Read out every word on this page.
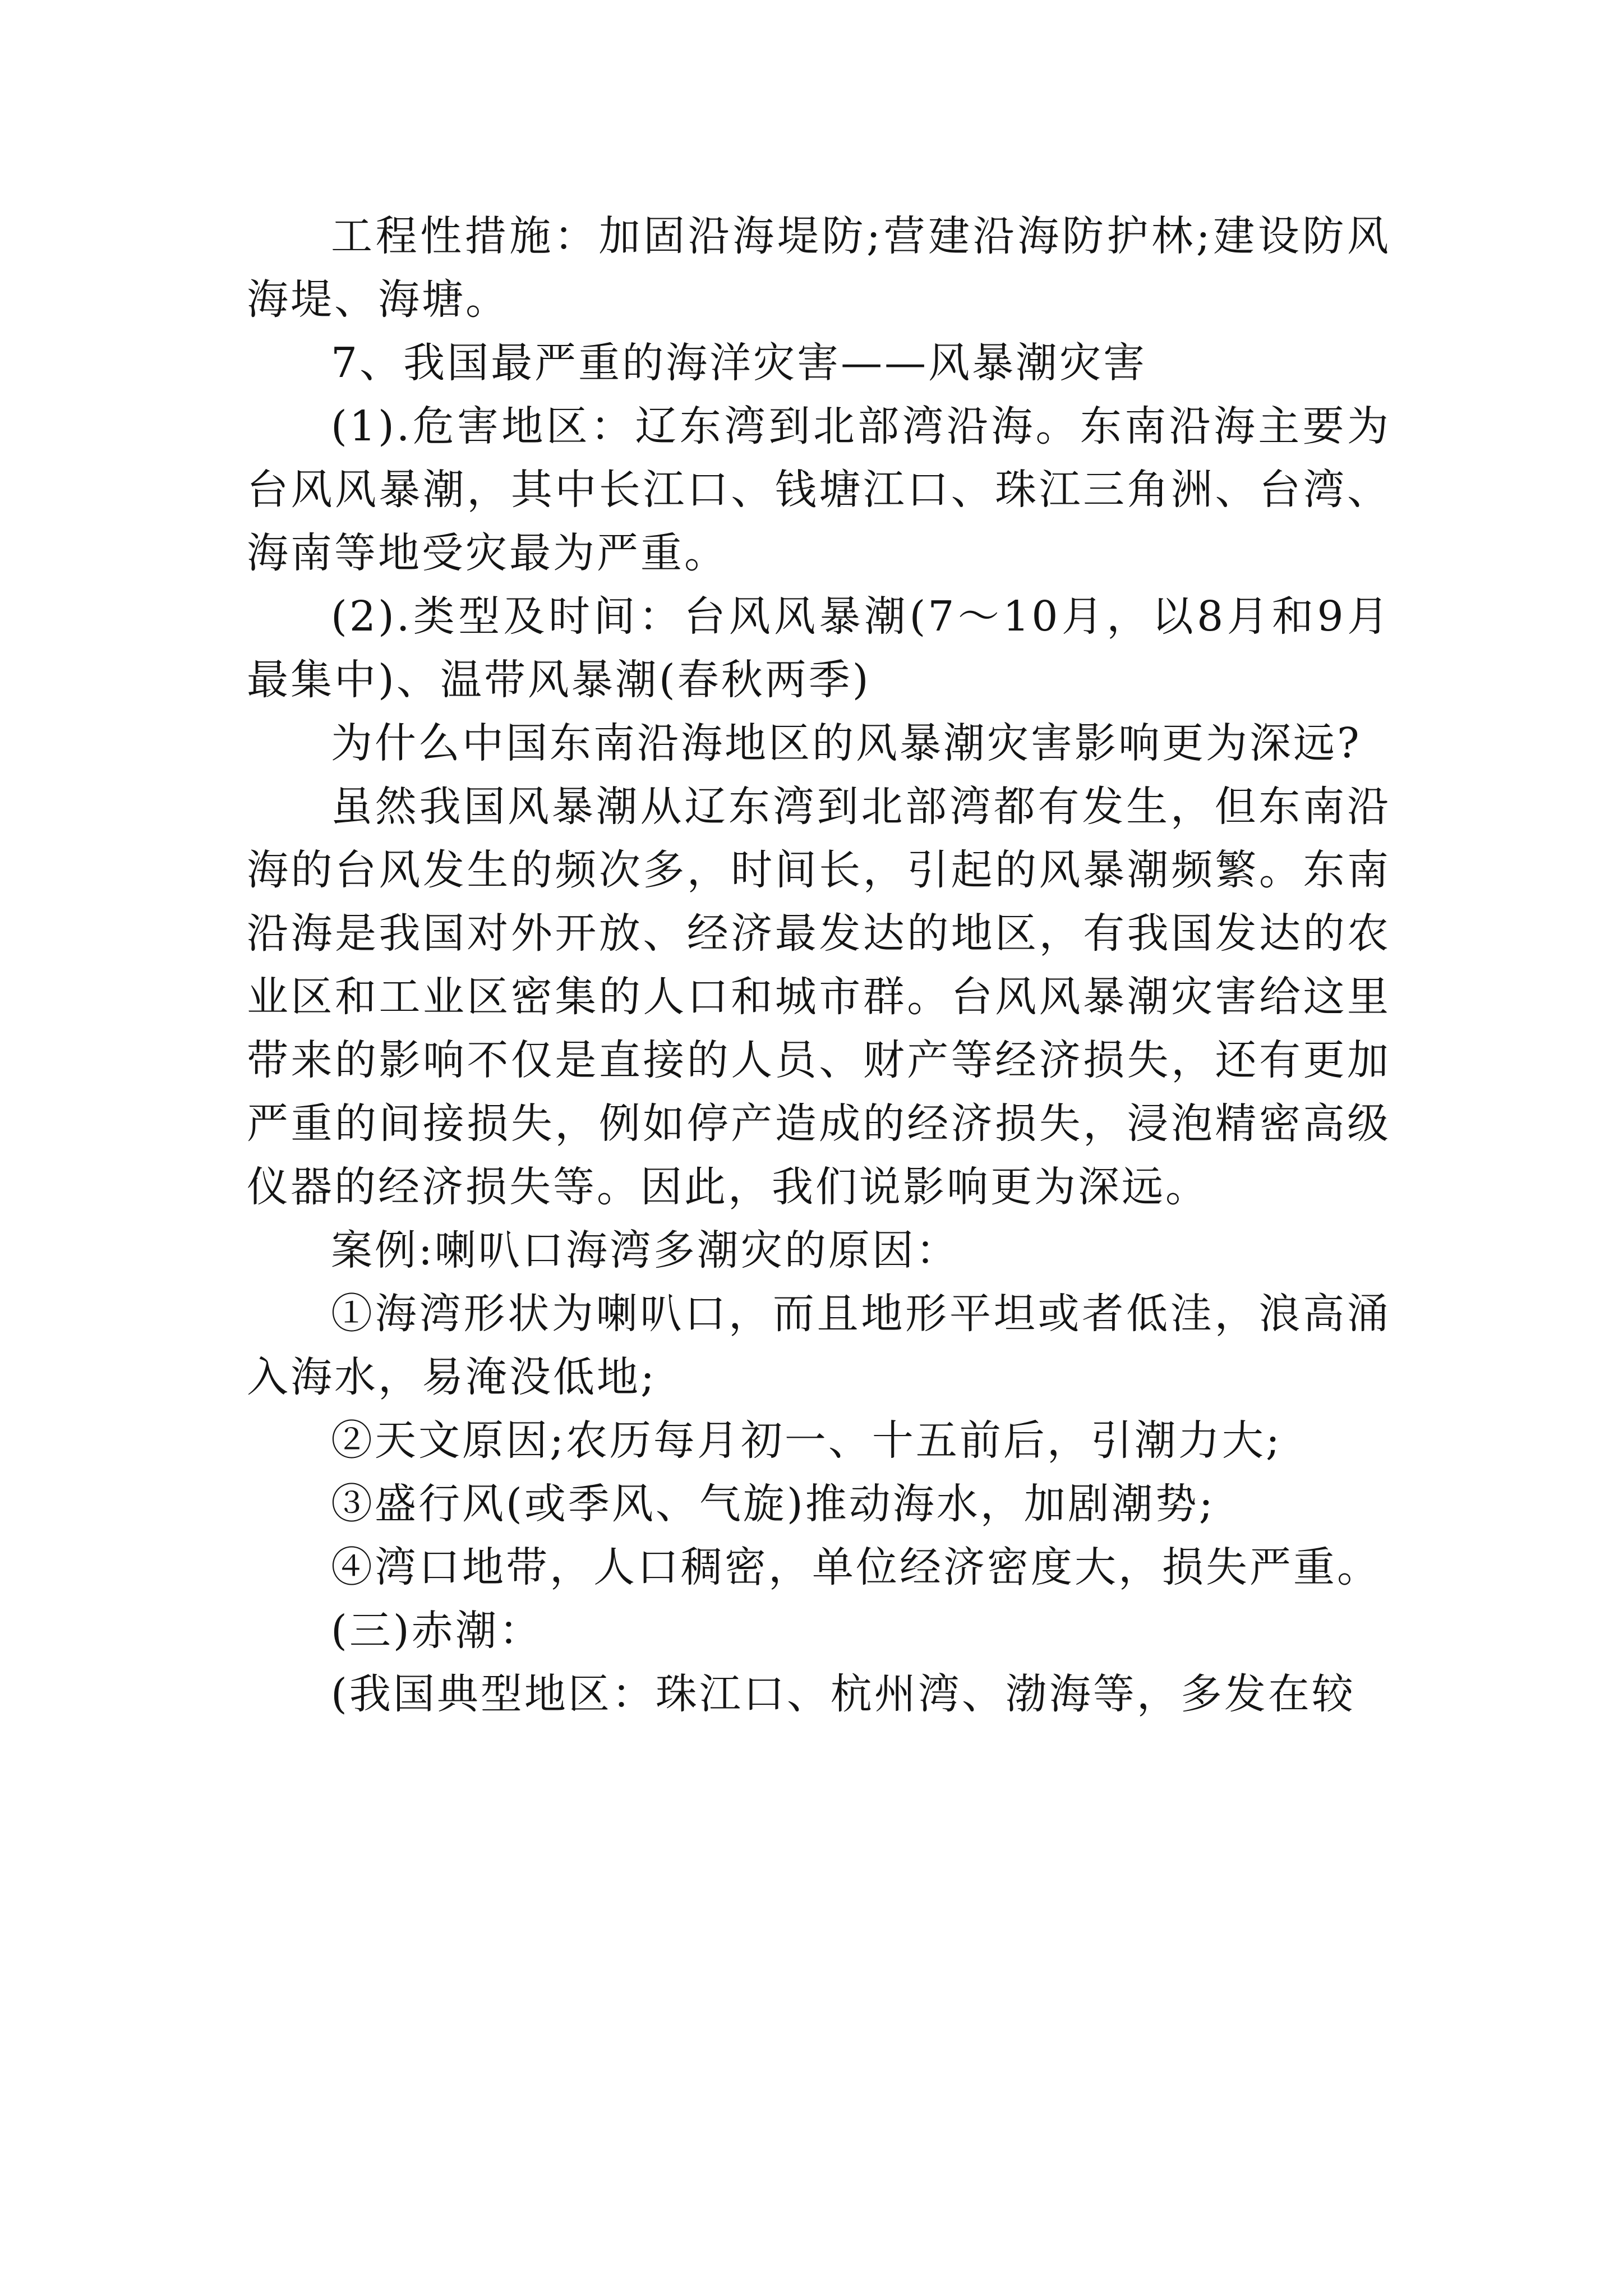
工程性措施：加固沿海堤防;营建沿海防护林;建设防风海堤、海塘。

7、我国最严重的海洋灾害——风暴潮灾害

(1).危害地区：辽东湾到北部湾沿海。东南沿海主要为台风风暴潮，其中长江口、钱塘江口、珠江三角洲、台湾、海南等地受灾最为严重。

(2).类型及时间：台风风暴潮(7～10月，以8月和9月最集中)、温带风暴潮(春秋两季)

为什么中国东南沿海地区的风暴潮灾害影响更为深远?

虽然我国风暴潮从辽东湾到北部湾都有发生，但东南沿海的台风发生的频次多，时间长，引起的风暴潮频繁。东南沿海是我国对外开放、经济最发达的地区，有我国发达的农业区和工业区密集的人口和城市群。台风风暴潮灾害给这里带来的影响不仅是直接的人员、财产等经济损失，还有更加严重的间接损失，例如停产造成的经济损失，浸泡精密高级仪器的经济损失等。因此，我们说影响更为深远。

案例:喇叭口海湾多潮灾的原因：

①海湾形状为喇叭口，而且地形平坦或者低洼，浪高涌入海水，易淹没低地;

②天文原因;农历每月初一、十五前后，引潮力大;

③盛行风(或季风、气旋)推动海水，加剧潮势;

④湾口地带，人口稠密，单位经济密度大，损失严重。

(三)赤潮：

(我国典型地区：珠江口、杭州湾、渤海等，多发在较
